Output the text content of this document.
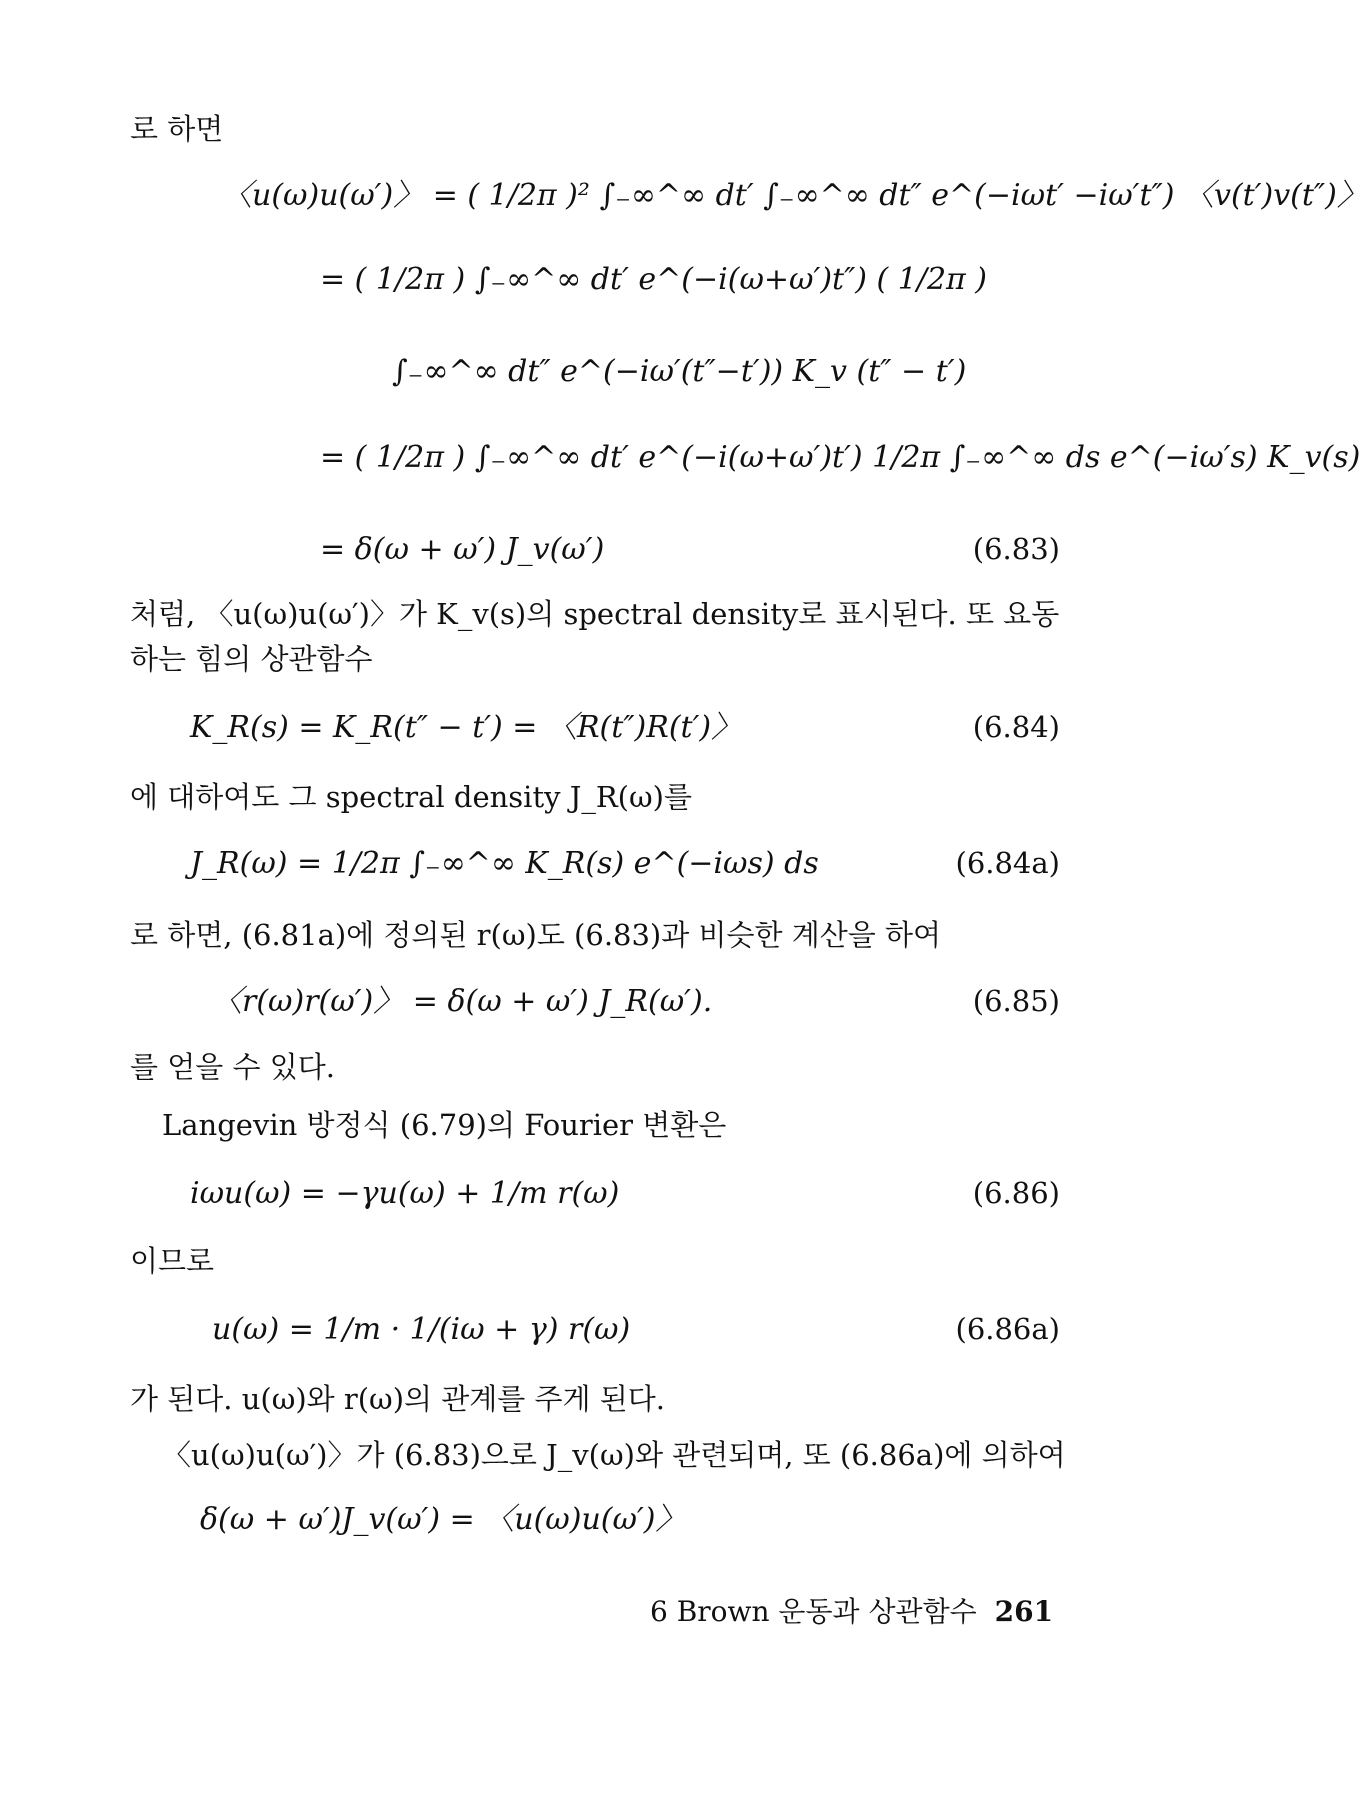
로 하면
〈u(ω)u(ω′)〉 = ( 1/2π )² ∫₋∞^∞ dt′ ∫₋∞^∞ dt″ e^(−iωt′ −iω′t″) 〈v(t′)v(t″)〉
= ( 1/2π ) ∫₋∞^∞ dt′ e^(−i(ω+ω′)t″) ( 1/2π )
∫₋∞^∞ dt″ e^(−iω′(t″−t′)) K_v (t″ − t′)
= ( 1/2π ) ∫₋∞^∞ dt′ e^(−i(ω+ω′)t′) 1/2π ∫₋∞^∞ ds e^(−iω′s) K_v(s)
= δ(ω + ω′) J_v(ω′)	(6.83)
처럼, 〈u(ω)u(ω′)〉가 K_v(s)의 spectral density로 표시된다. 또 요동하는 힘의 상관함수
K_R(s) = K_R(t″ − t′) = 〈R(t″)R(t′)〉	(6.84)
에 대하여도 그 spectral density J_R(ω)를
J_R(ω) = 1/2π ∫₋∞^∞ K_R(s) e^(−iωs) ds	(6.84a)
로 하면, (6.81a)에 정의된 r(ω)도 (6.83)과 비슷한 계산을 하여
〈r(ω)r(ω′)〉 = δ(ω + ω′) J_R(ω′).	(6.85)
를 얻을 수 있다.
Langevin 방정식 (6.79)의 Fourier 변환은
iωu(ω) = −γu(ω) + 1/m r(ω)	(6.86)
이므로
u(ω) = 1/m · 1/(iω + γ) r(ω)	(6.86a)
가 된다. u(ω)와 r(ω)의 관계를 주게 된다.
〈u(ω)u(ω′)〉가 (6.83)으로 J_v(ω)와 관련되며, 또 (6.86a)에 의하여
δ(ω + ω′)J_v(ω′) = 〈u(ω)u(ω′)〉
6 Brown 운동과 상관함수 261
